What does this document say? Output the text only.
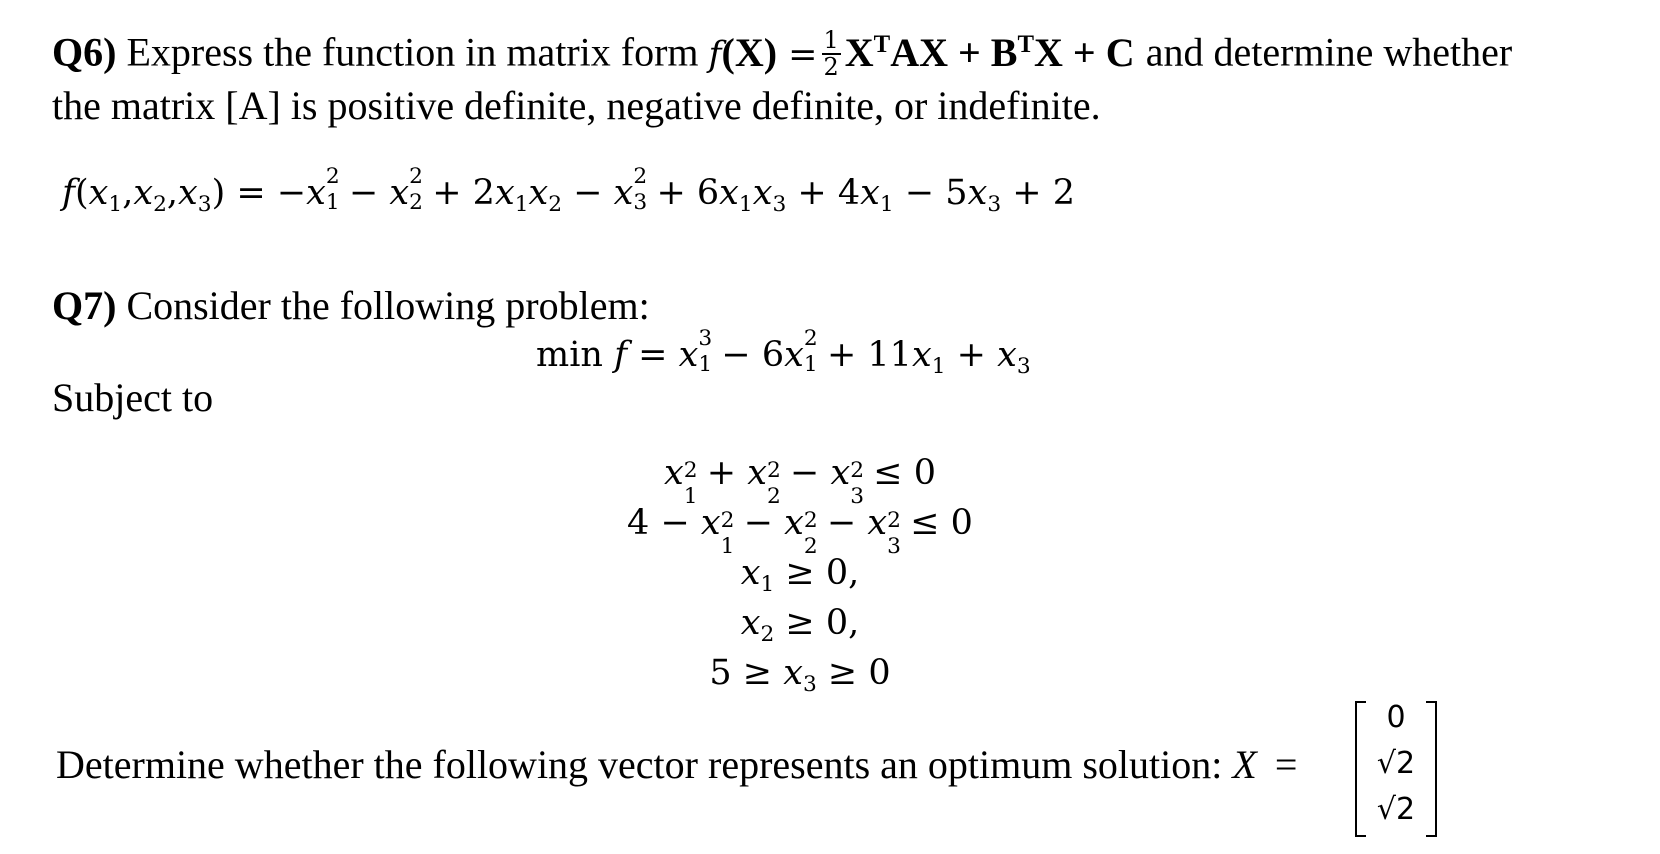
Q6) Express the function in matrix form $f(X) = \frac{1}{2} X^TAX + B^TX + C$ and determine whether
the matrix [A] is positive definite, negative definite, or indefinite.
$f(x_1,x_2,x_3) = -x$ 2
1
− x 2
2
+ $2x_1x_2 - x$ 2
3
+ $6x_1x_3 + 4x_1 - 5x_3 + 2$
Q7) Consider the following problem:
min f = x 3
1
− 6x 2
1
+ $11x_1 + x_3$
Subject to
x 2
1
+ x 2
2
− x 2
3
≤ 0
4 − x 2
1
− x 2
2
− x 2
3
≤ 0
$x_1 \ge 0$,
$x_2 \ge 0$,
$5 \ge x_3 \ge 0$
Determine whether the following vector represents an optimum solution: X =
0
√2
√2
